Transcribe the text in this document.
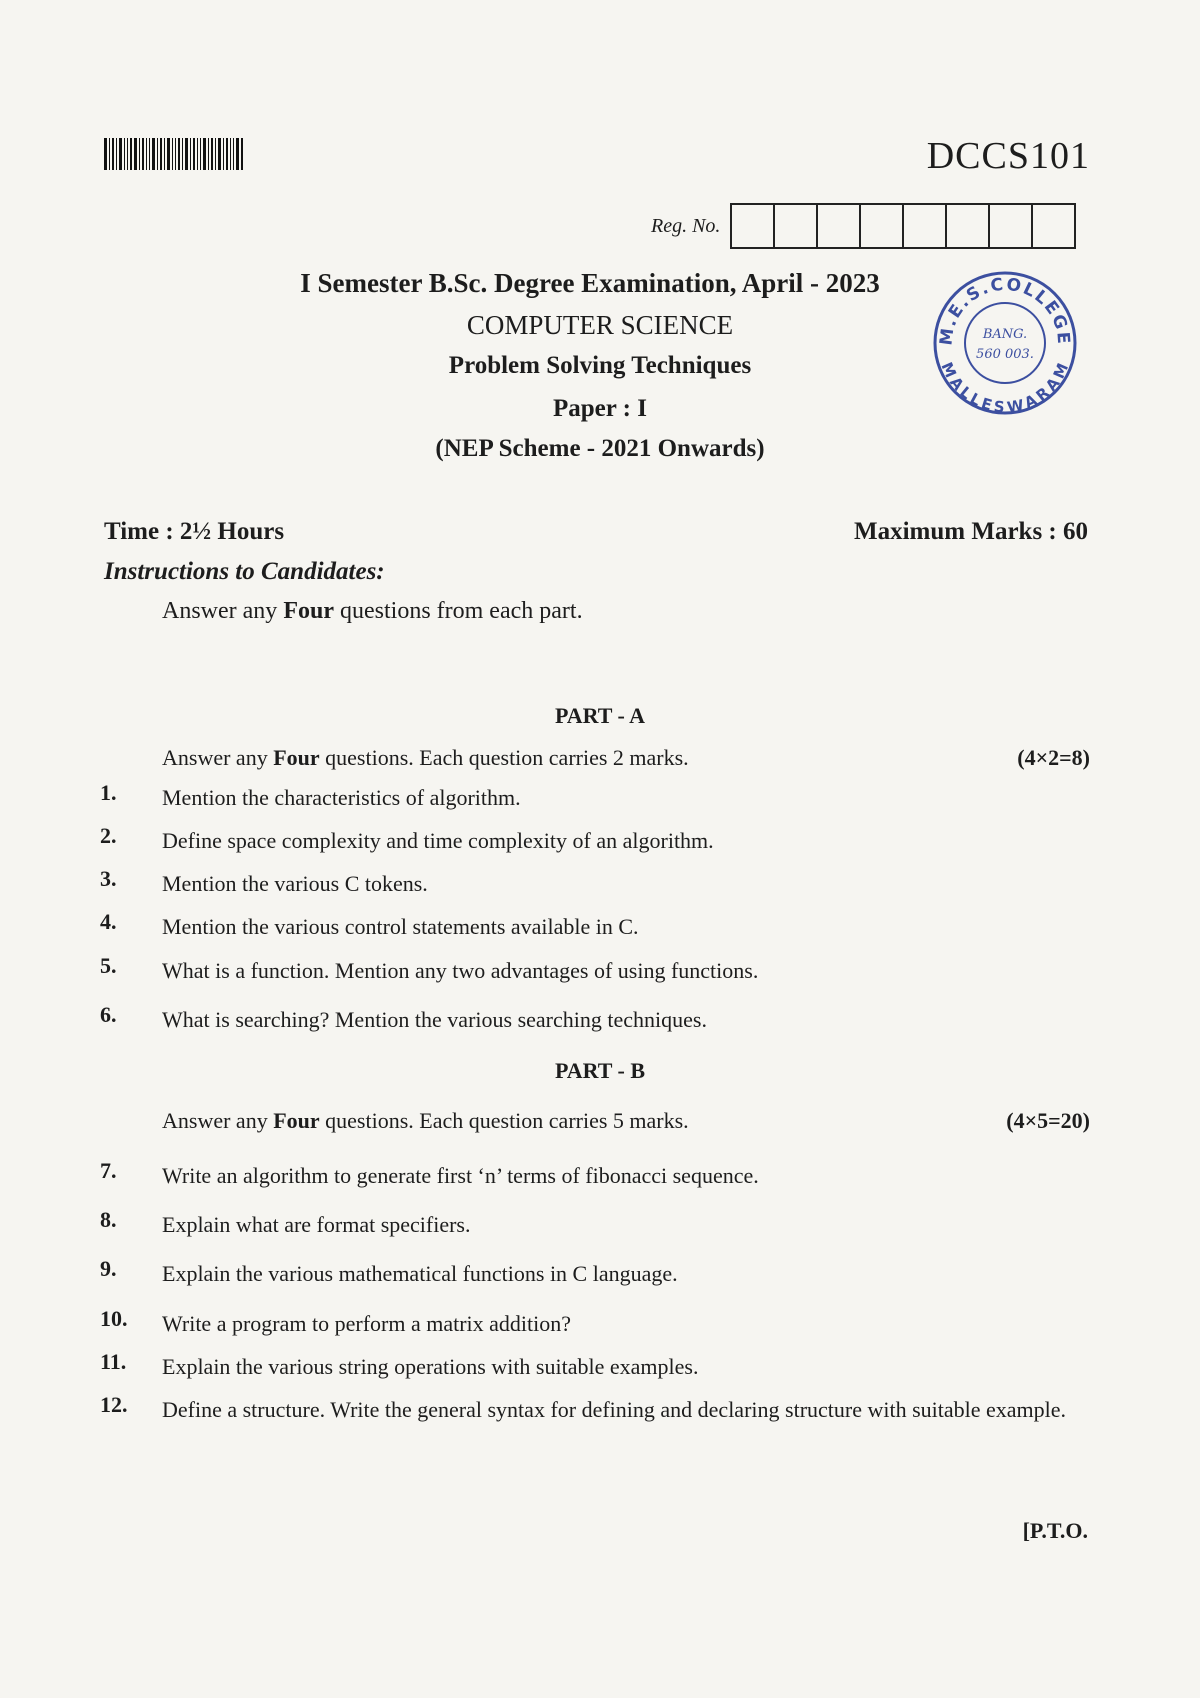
DCCS101
Reg. No.
I Semester B.Sc. Degree Examination, April - 2023
COMPUTER SCIENCE
Problem Solving Techniques
Paper : I
(NEP Scheme - 2021 Onwards)
M.E.S.COLLEGE
MALLESWARAM
BANG.
560 003.
Time : 2½ Hours	Maximum Marks : 60
Instructions to Candidates:
Answer any Four questions from each part.
PART - A
Answer any Four questions. Each question carries 2 marks.	(4×2=8)
1.	Mention the characteristics of algorithm.
2.	Define space complexity and time complexity of an algorithm.
3.	Mention the various C tokens.
4.	Mention the various control statements available in C.
5.	What is a function. Mention any two advantages of using functions.
6.	What is searching? Mention the various searching techniques.
PART - B
Answer any Four questions. Each question carries 5 marks.	(4×5=20)
7.	Write an algorithm to generate first ‘n’ terms of fibonacci sequence.
8.	Explain what are format specifiers.
9.	Explain the various mathematical functions in C language.
10.	Write a program to perform a matrix addition?
11.	Explain the various string operations with suitable examples.
12.	Define a structure. Write the general syntax for defining and declaring structure with suitable example.
[P.T.O.
